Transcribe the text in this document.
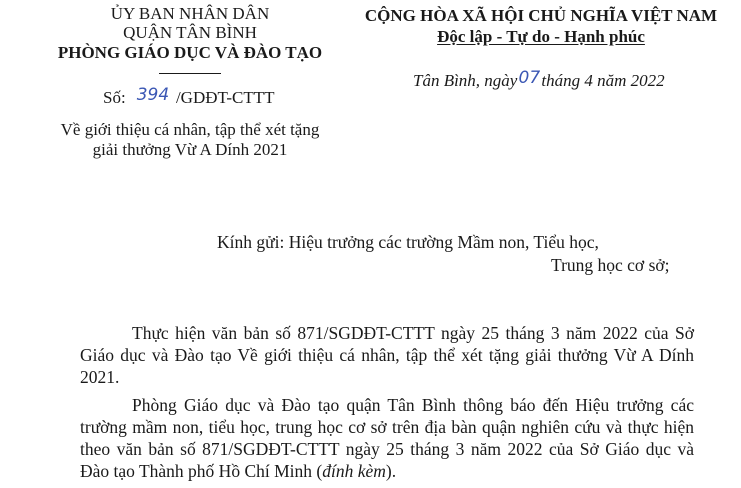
ỦY BAN NHÂN DÂN
QUẬN TÂN BÌNH
PHÒNG GIÁO DỤC VÀ ĐÀO TẠO
CỘNG HÒA XÃ HỘI CHỦ NGHĨA VIỆT NAM
Độc lập - Tự do - Hạnh phúc
Số: 394 /GDĐT-CTTT
Tân Bình, ngày07tháng 4 năm 2022
Về giới thiệu cá nhân, tập thể xét tặng
giải thưởng Vừ A Dính 2021
Kính gửi: Hiệu trưởng các trường Mầm non, Tiểu học,
Trung học cơ sở;

Thực hiện văn bản số 871/SGDĐT-CTTT ngày 25 tháng 3 năm 2022 của Sở Giáo dục và Đào tạo Về giới thiệu cá nhân, tập thể xét tặng giải thưởng Vừ A Dính 2021.

Phòng Giáo dục và Đào tạo quận Tân Bình thông báo đến Hiệu trưởng các trường mầm non, tiểu học, trung học cơ sở trên địa bàn quận nghiên cứu và thực hiện theo văn bản số 871/SGDĐT-CTTT ngày 25 tháng 3 năm 2022 của Sở Giáo dục và Đào tạo Thành phố Hồ Chí Minh (đính kèm).
